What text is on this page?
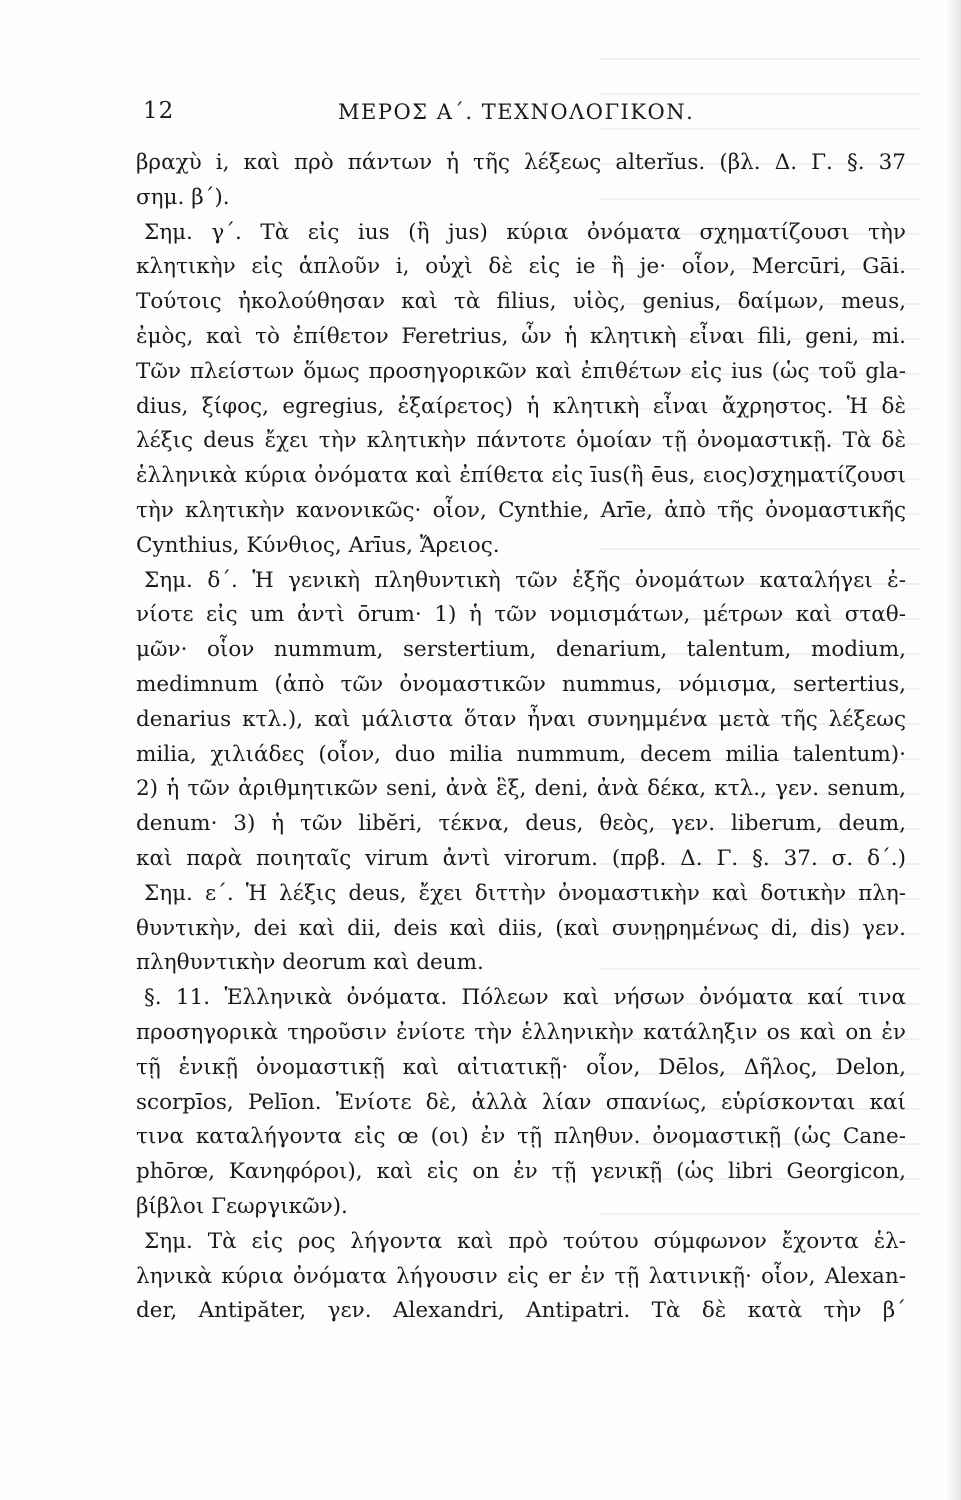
12	ΜΕΡΟΣ Α΄. ΤΕΧΝΟΛΟΓΙΚΟΝ.
βραχὺ i, καὶ πρὸ πάντων ἡ τῆς λέξεως alterĭus. (βλ. Δ. Γ. §. 37
σημ. β΄).
Σημ. γ΄. Τὰ εἰς ius (ἢ jus) κύρια ὀνόματα σχηματίζουσι τὴν
κλητικὴν εἰς ἁπλοῦν i, οὐχὶ δὲ εἰς ie ἢ je· οἷον, Mercūri, Gāi.
Τούτοις ἠκολούθησαν καὶ τὰ filius, υἱὸς, genius, δαίμων, meus,
ἐμὸς, καὶ τὸ ἐπίθετον Feretrius, ὧν ἡ κλητικὴ εἶναι fili, geni, mi.
Τῶν πλείστων ὅμως προσηγορικῶν καὶ ἐπιθέτων εἰς ius (ὡς τοῦ gla-
dius, ξίφος, egregius, ἐξαίρετος) ἡ κλητικὴ εἶναι ἄχρηστος. Ἡ δὲ
λέξις deus ἔχει τὴν κλητικὴν πάντοτε ὁμοίαν τῇ ὀνομαστικῇ. Τὰ δὲ
ἑλληνικὰ κύρια ὀνόματα καὶ ἐπίθετα εἰς īus(ἢ ēus, ειος)σχηματίζουσι
τὴν κλητικὴν κανονικῶς· οἷον, Cynthie, Arīe, ἀπὸ τῆς ὀνομαστικῆς
Cynthius, Κύνθιος, Arīus, Ἄρειος.
Σημ. δ΄. Ἡ γενικὴ πληθυντικὴ τῶν ἑξῆς ὀνομάτων καταλήγει ἐ-
νίοτε εἰς um ἀντὶ ōrum· 1) ἡ τῶν νομισμάτων, μέτρων καὶ σταθ-
μῶν· οἷον nummum, serstertium, denarium, talentum, modium,
medimnum (ἀπὸ τῶν ὀνομαστικῶν nummus, νόμισμα, sertertius,
denarius κτλ.), καὶ μάλιστα ὅταν ἦναι συνημμένα μετὰ τῆς λέξεως
milia, χιλιάδες (οἷον, duo milia nummum, decem milia talentum)·
2) ἡ τῶν ἀριθμητικῶν seni, ἀνὰ ἓξ, deni, ἀνὰ δέκα, κτλ., γεν. senum,
denum· 3) ἡ τῶν libĕri, τέκνα, deus, θεὸς, γεν. liberum, deum,
καὶ παρὰ ποιηταῖς virum ἀντὶ virorum. (πρβ. Δ. Γ. §. 37. σ. δ΄.)
Σημ. ε΄. Ἡ λέξις deus, ἔχει διττὴν ὀνομαστικὴν καὶ δοτικὴν πλη-
θυντικὴν, dei καὶ dii, deis καὶ diis, (καὶ συνῃρημένως di, dis) γεν.
πληθυντικὴν deorum καὶ deum.
§. 11. Ἑλληνικὰ ὀνόματα. Πόλεων καὶ νήσων ὀνόματα καί τινα
προσηγορικὰ τηροῦσιν ἐνίοτε τὴν ἑλληνικὴν κατάληξιν os καὶ on ἐν
τῇ ἑνικῇ ὀνομαστικῇ καὶ αἰτιατικῇ· οἷον, Dēlos, Δῆλος, Delon,
scorpīos, Pelīon. Ἐνίοτε δὲ, ἀλλὰ λίαν σπανίως, εὑρίσκονται καί
τινα καταλήγοντα εἰς œ (οι) ἐν τῇ πληθυν. ὀνομαστικῇ (ὡς Cane-
phōrœ, Κανηφόροι), καὶ εἰς on ἐν τῇ γενικῇ (ὡς libri Georgicon,
βίβλοι Γεωργικῶν).
Σημ. Τὰ εἰς ρος λήγοντα καὶ πρὸ τούτου σύμφωνον ἔχοντα ἑλ-
ληνικὰ κύρια ὀνόματα λήγουσιν εἰς er ἐν τῇ λατινικῇ· οἷον, Alexan-
der, Antipăter, γεν. Alexandri, Antipatri. Τὰ δὲ κατὰ τὴν β΄
